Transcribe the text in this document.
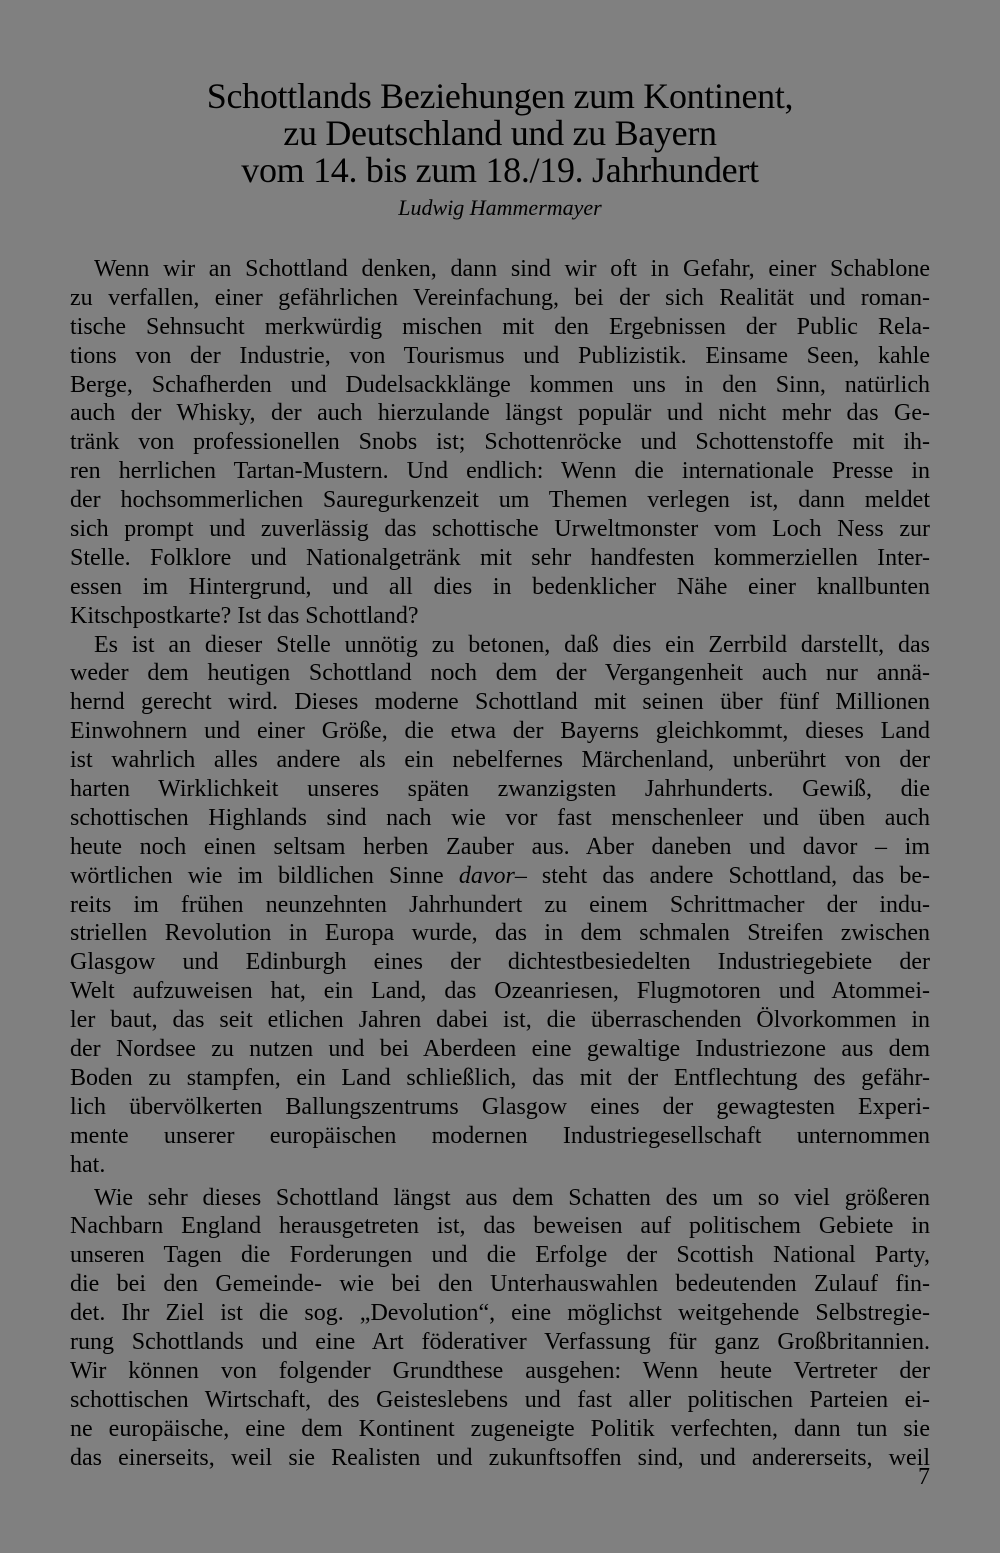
Schottlands Beziehungen zum Kontinent,
zu Deutschland und zu Bayern
vom 14. bis zum 18./19. Jahrhundert

Ludwig Hammermayer

Wenn wir an Schottland denken, dann sind wir oft in Gefahr, einer Schablone
zu verfallen, einer gefährlichen Vereinfachung, bei der sich Realität und roman-
tische Sehnsucht merkwürdig mischen mit den Ergebnissen der Public Rela-
tions von der Industrie, von Tourismus und Publizistik. Einsame Seen, kahle
Berge, Schafherden und Dudelsackklänge kommen uns in den Sinn, natürlich
auch der Whisky, der auch hierzulande längst populär und nicht mehr das Ge-
tränk von professionellen Snobs ist; Schottenröcke und Schottenstoffe mit ih-
ren herrlichen Tartan-Mustern. Und endlich: Wenn die internationale Presse in
der hochsommerlichen Sauregurkenzeit um Themen verlegen ist, dann meldet
sich prompt und zuverlässig das schottische Urweltmonster vom Loch Ness zur
Stelle. Folklore und Nationalgetränk mit sehr handfesten kommerziellen Inter-
essen im Hintergrund, und all dies in bedenklicher Nähe einer knallbunten
Kitschpostkarte? Ist das Schottland?
Es ist an dieser Stelle unnötig zu betonen, daß dies ein Zerrbild darstellt, das
weder dem heutigen Schottland noch dem der Vergangenheit auch nur annä-
hernd gerecht wird. Dieses moderne Schottland mit seinen über fünf Millionen
Einwohnern und einer Größe, die etwa der Bayerns gleichkommt, dieses Land
ist wahrlich alles andere als ein nebelfernes Märchenland, unberührt von der
harten Wirklichkeit unseres späten zwanzigsten Jahrhunderts. Gewiß, die
schottischen Highlands sind nach wie vor fast menschenleer und üben auch
heute noch einen seltsam herben Zauber aus. Aber daneben und davor – im
wörtlichen wie im bildlichen Sinne davor– steht das andere Schottland, das be-
reits im frühen neunzehnten Jahrhundert zu einem Schrittmacher der indu-
striellen Revolution in Europa wurde, das in dem schmalen Streifen zwischen
Glasgow und Edinburgh eines der dichtestbesiedelten Industriegebiete der
Welt aufzuweisen hat, ein Land, das Ozeanriesen, Flugmotoren und Atommei-
ler baut, das seit etlichen Jahren dabei ist, die überraschenden Ölvorkommen in
der Nordsee zu nutzen und bei Aberdeen eine gewaltige Industriezone aus dem
Boden zu stampfen, ein Land schließlich, das mit der Entflechtung des gefähr-
lich übervölkerten Ballungszentrums Glasgow eines der gewagtesten Experi-
mente unserer europäischen modernen Industriegesellschaft unternommen
hat.
Wie sehr dieses Schottland längst aus dem Schatten des um so viel größeren
Nachbarn England herausgetreten ist, das beweisen auf politischem Gebiete in
unseren Tagen die Forderungen und die Erfolge der Scottish National Party,
die bei den Gemeinde- wie bei den Unterhauswahlen bedeutenden Zulauf fin-
det. Ihr Ziel ist die sog. „Devolution“, eine möglichst weitgehende Selbstregie-
rung Schottlands und eine Art föderativer Verfassung für ganz Großbritannien.
Wir können von folgender Grundthese ausgehen: Wenn heute Vertreter der
schottischen Wirtschaft, des Geisteslebens und fast aller politischen Parteien ei-
ne europäische, eine dem Kontinent zugeneigte Politik verfechten, dann tun sie
das einerseits, weil sie Realisten und zukunftsoffen sind, und andererseits, weil
7
